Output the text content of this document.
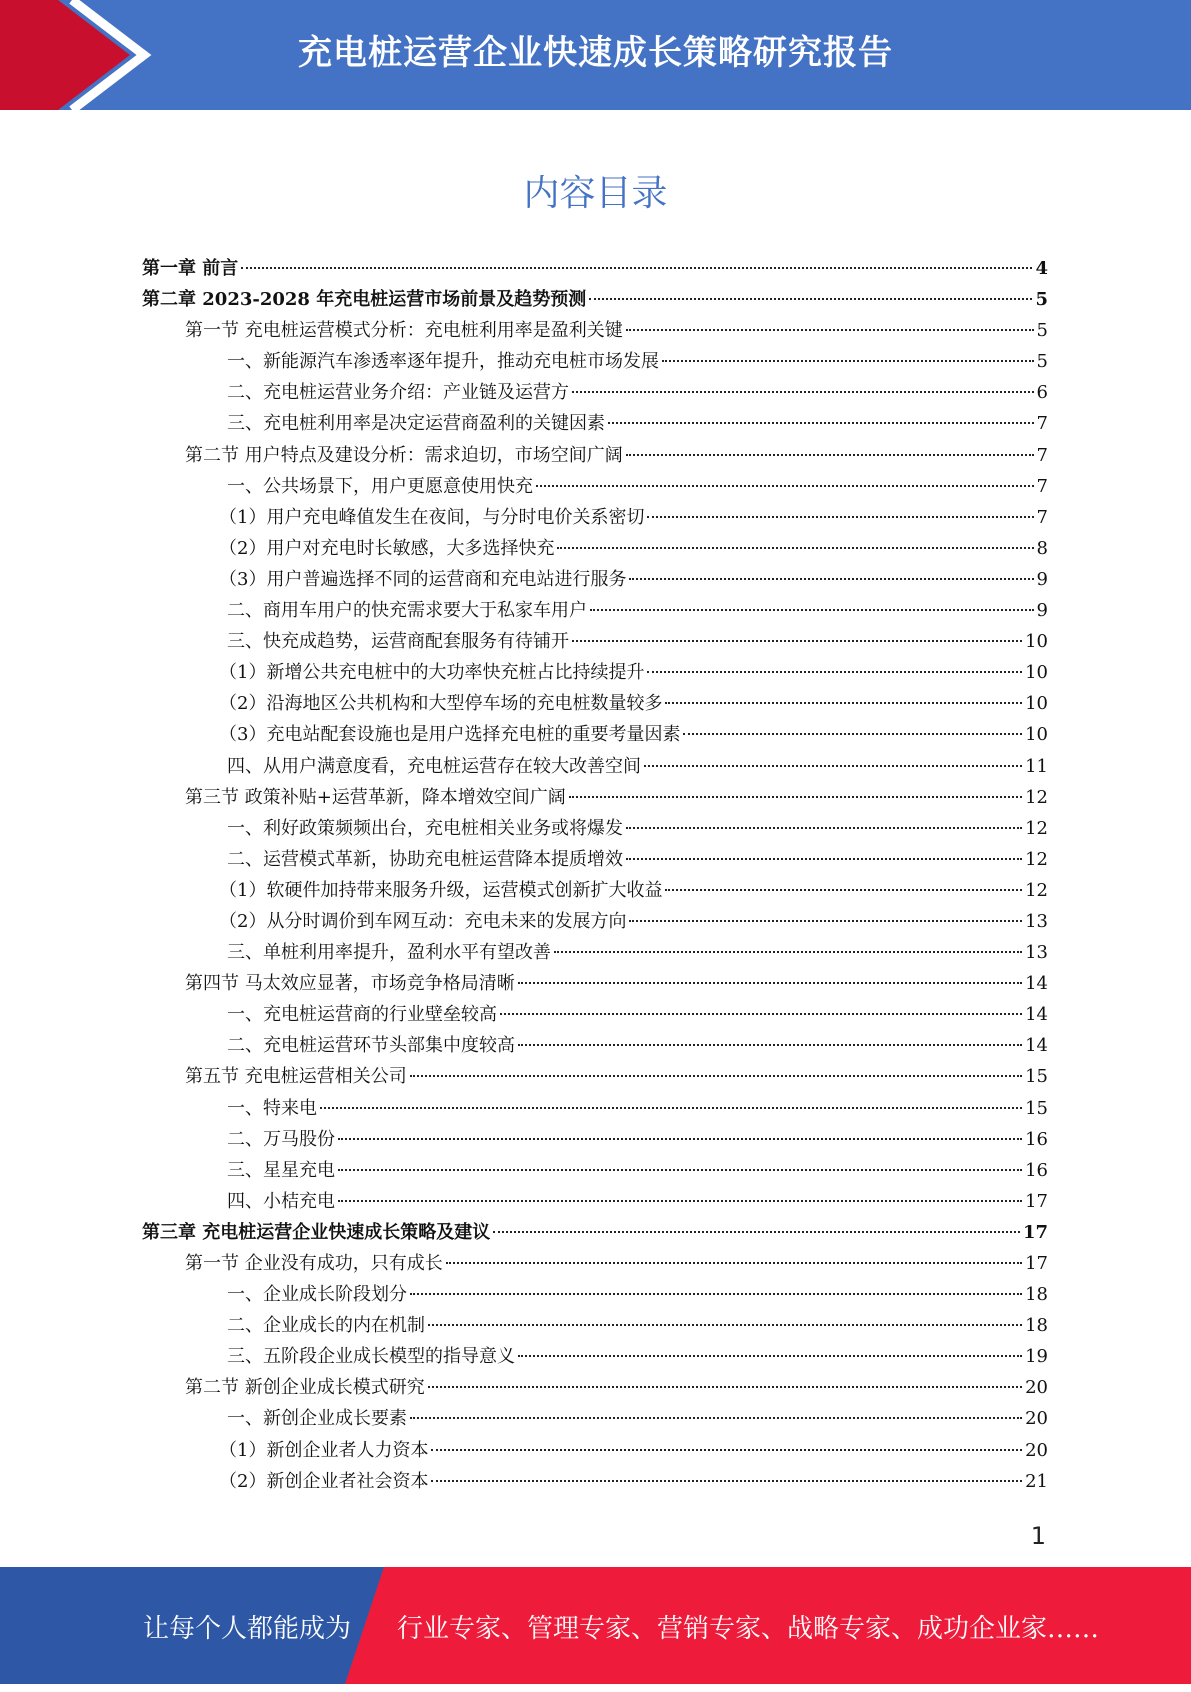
充电桩运营企业快速成长策略研究报告
内容目录
第一章 前言	4
第二章 2023-2028 年充电桩运营市场前景及趋势预测	5
第一节 充电桩运营模式分析：充电桩利用率是盈利关键	5
一、新能源汽车渗透率逐年提升，推动充电桩市场发展	5
二、充电桩运营业务介绍：产业链及运营方	6
三、充电桩利用率是决定运营商盈利的关键因素	7
第二节 用户特点及建设分析：需求迫切，市场空间广阔	7
一、公共场景下，用户更愿意使用快充	7
（1）用户充电峰值发生在夜间，与分时电价关系密切	7
（2）用户对充电时长敏感，大多选择快充	8
（3）用户普遍选择不同的运营商和充电站进行服务	9
二、商用车用户的快充需求要大于私家车用户	9
三、快充成趋势，运营商配套服务有待铺开	10
（1）新增公共充电桩中的大功率快充桩占比持续提升	10
（2）沿海地区公共机构和大型停车场的充电桩数量较多	10
（3）充电站配套设施也是用户选择充电桩的重要考量因素	10
四、从用户满意度看，充电桩运营存在较大改善空间	11
第三节 政策补贴+运营革新，降本增效空间广阔	12
一、利好政策频频出台，充电桩相关业务或将爆发	12
二、运营模式革新，协助充电桩运营降本提质增效	12
（1）软硬件加持带来服务升级，运营模式创新扩大收益	12
（2）从分时调价到车网互动：充电未来的发展方向	13
三、单桩利用率提升，盈利水平有望改善	13
第四节 马太效应显著，市场竞争格局清晰	14
一、充电桩运营商的行业壁垒较高	14
二、充电桩运营环节头部集中度较高	14
第五节 充电桩运营相关公司	15
一、特来电	15
二、万马股份	16
三、星星充电	16
四、小桔充电	17
第三章 充电桩运营企业快速成长策略及建议	17
第一节 企业没有成功，只有成长	17
一、企业成长阶段划分	18
二、企业成长的内在机制	18
三、五阶段企业成长模型的指导意义	19
第二节 新创企业成长模式研究	20
一、新创企业成长要素	20
（1）新创企业者人力资本	20
（2）新创企业者社会资本	21
1
让每个人都能成为 行业专家、管理专家、营销专家、战略专家、成功企业家……
